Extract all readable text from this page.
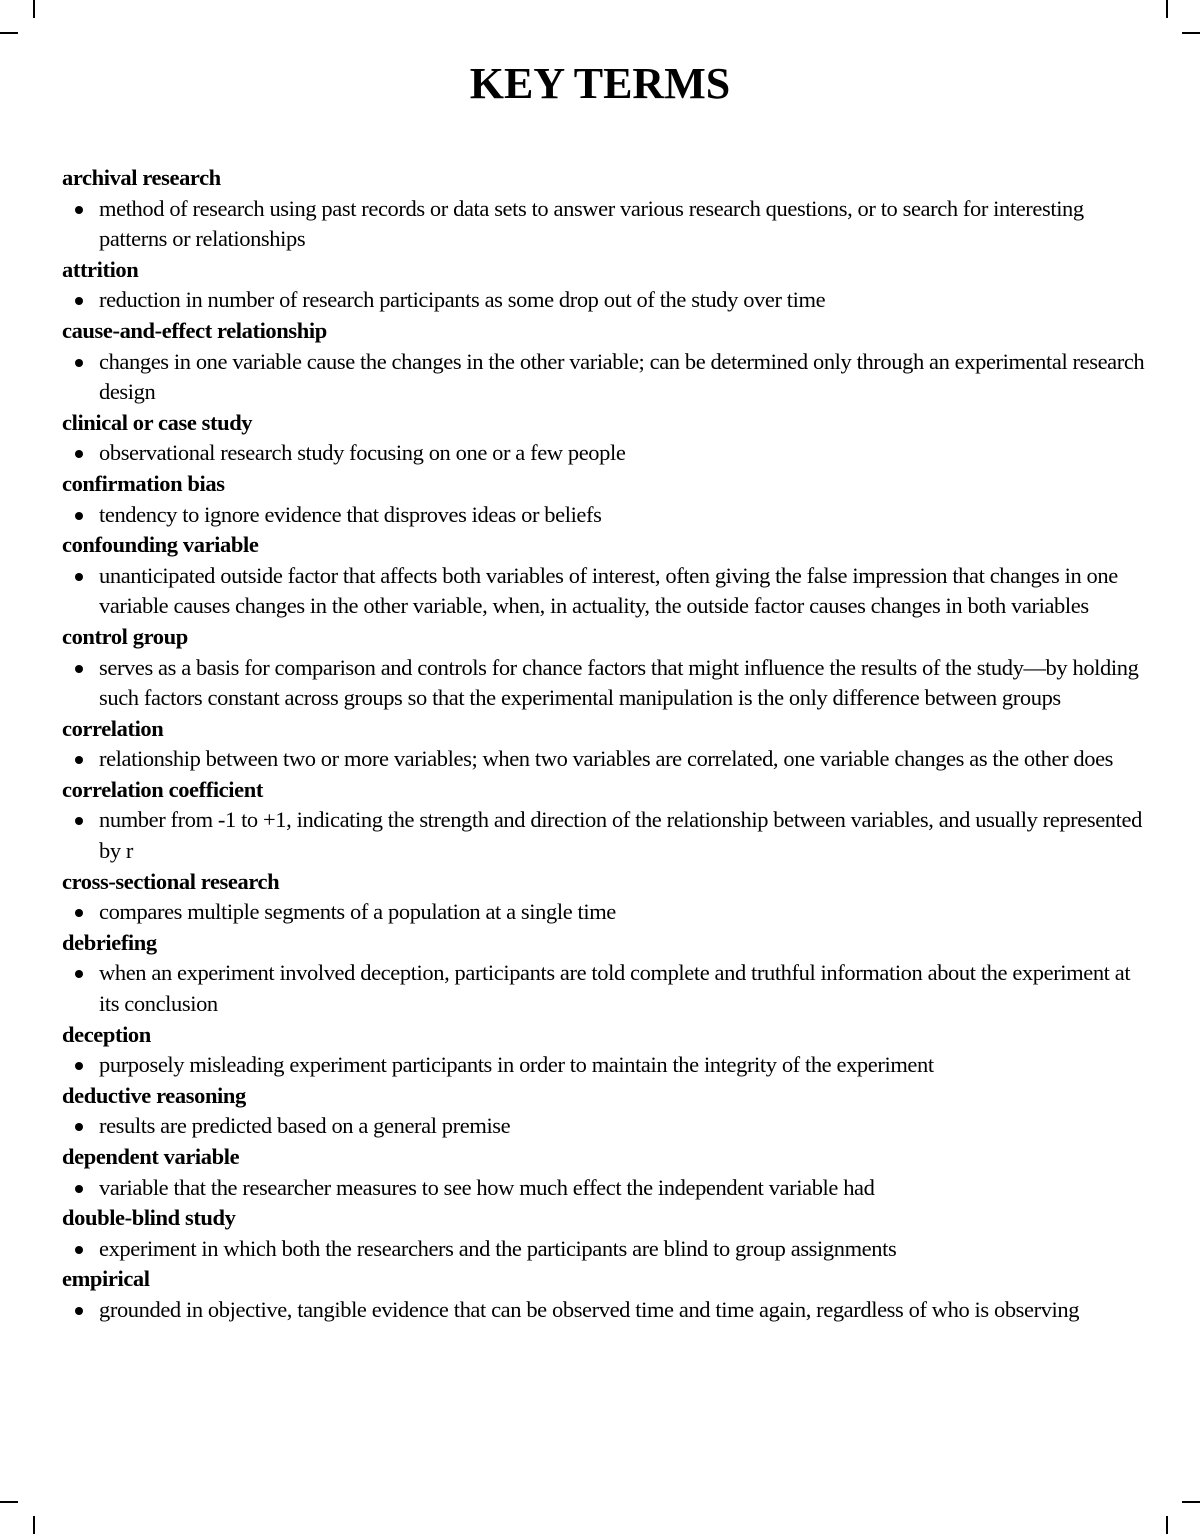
KEY TERMS
archival research
method of research using past records or data sets to answer various research questions, or to search for interesting patterns or relationships
attrition
reduction in number of research participants as some drop out of the study over time
cause-and-effect relationship
changes in one variable cause the changes in the other variable; can be determined only through an experimental research design
clinical or case study
observational research study focusing on one or a few people
confirmation bias
tendency to ignore evidence that disproves ideas or beliefs
confounding variable
unanticipated outside factor that affects both variables of interest, often giving the false impression that changes in one variable causes changes in the other variable, when, in actuality, the outside factor causes changes in both variables
control group
serves as a basis for comparison and controls for chance factors that might influence the results of the study—by holding such factors constant across groups so that the experimental manipulation is the only difference between groups
correlation
relationship between two or more variables; when two variables are correlated, one variable changes as the other does
correlation coefficient
number from -1 to +1, indicating the strength and direction of the relationship between variables, and usually represented by r
cross-sectional research
compares multiple segments of a population at a single time
debriefing
when an experiment involved deception, participants are told complete and truthful information about the experiment at its conclusion
deception
purposely misleading experiment participants in order to maintain the integrity of the experiment
deductive reasoning
results are predicted based on a general premise
dependent variable
variable that the researcher measures to see how much effect the independent variable had
double-blind study
experiment in which both the researchers and the participants are blind to group assignments
empirical
grounded in objective, tangible evidence that can be observed time and time again, regardless of who is observing
